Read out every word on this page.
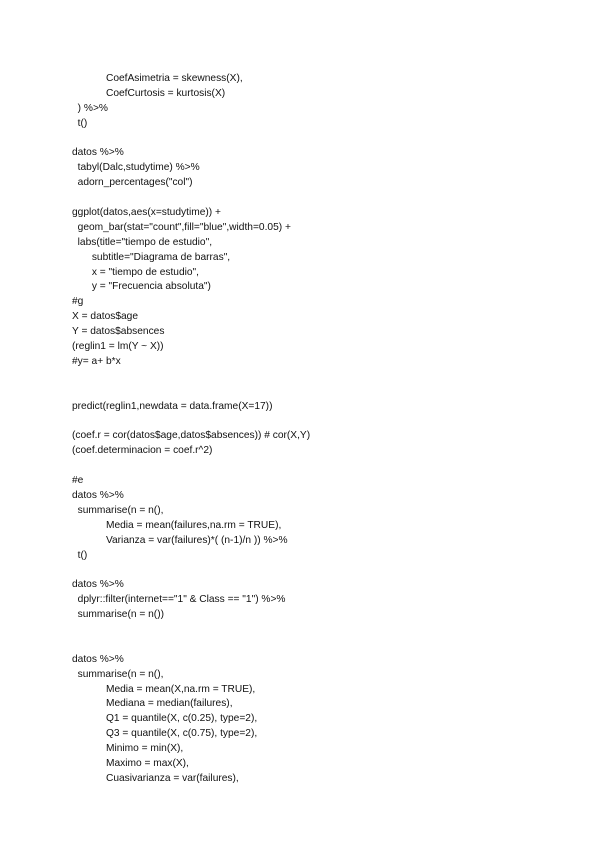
CoefAsimetria = skewness(X),
CoefCurtosis = kurtosis(X)
) %>%
t()
datos %>%
tabyl(Dalc,studytime) %>%
adorn_percentages("col")
ggplot(datos,aes(x=studytime)) +
geom_bar(stat="count",fill="blue",width=0.05) +
labs(title="tiempo de estudio",
subtitle="Diagrama de barras",
x = "tiempo de estudio",
y = "Frecuencia absoluta")
#g
X = datos$age
Y = datos$absences
(reglin1 = lm(Y ~ X))
#y= a+ b*x
predict(reglin1,newdata = data.frame(X=17))
(coef.r = cor(datos$age,datos$absences)) # cor(X,Y)
(coef.determinacion = coef.r^2)
#e
datos %>%
summarise(n = n(),
Media = mean(failures,na.rm = TRUE),
Varianza = var(failures)*( (n-1)/n )) %>%
t()
datos %>%
dplyr::filter(internet=="1" & Class == "1") %>%
summarise(n = n())
datos %>%
summarise(n = n(),
Media = mean(X,na.rm = TRUE),
Mediana = median(failures),
Q1 = quantile(X, c(0.25), type=2),
Q3 = quantile(X, c(0.75), type=2),
Minimo = min(X),
Maximo = max(X),
Cuasivarianza = var(failures),
